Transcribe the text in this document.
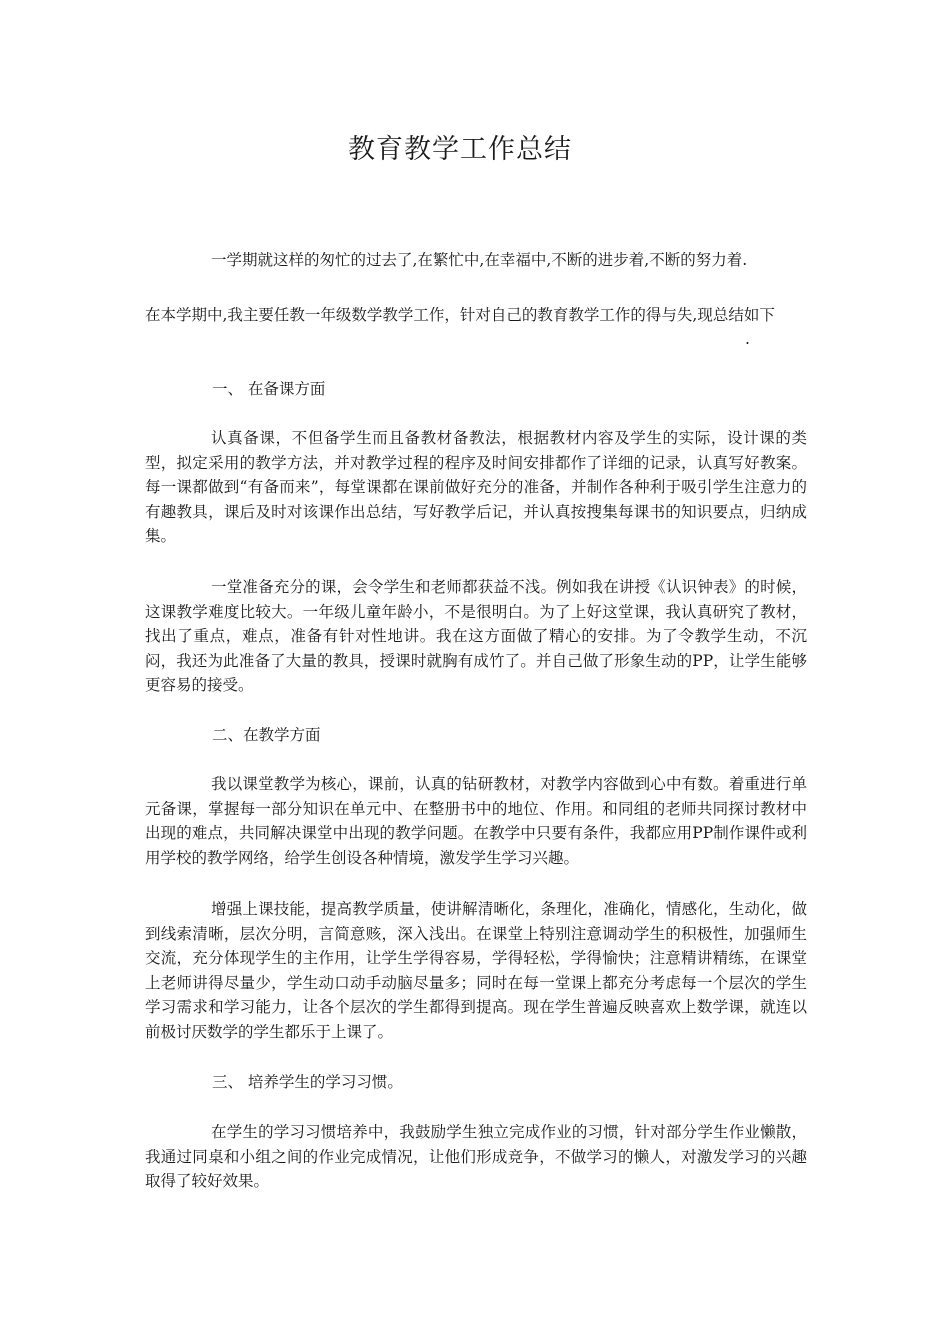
教育教学工作总结
一学期就这样的匆忙的过去了,在繁忙中,在幸福中,不断的进步着,不断的努力着.
在本学期中,我主要任教一年级数学教学工作，针对自己的教育教学工作的得与失,现总结如下
.
一、 在备课方面
认真备课，不但备学生而且备教材备教法，根据教材内容及学生的实际，设计课的类型，拟定采用的教学方法，并对教学过程的程序及时间安排都作了详细的记录，认真写好教案。每一课都做到“有备而来”，每堂课都在课前做好充分的准备，并制作各种利于吸引学生注意力的有趣教具，课后及时对该课作出总结，写好教学后记，并认真按搜集每课书的知识要点，归纳成集。
一堂准备充分的课，会令学生和老师都获益不浅。例如我在讲授《认识钟表》的时候，这课教学难度比较大。一年级儿童年龄小，不是很明白。为了上好这堂课，我认真研究了教材，找出了重点，难点，准备有针对性地讲。我在这方面做了精心的安排。为了令教学生动，不沉闷，我还为此准备了大量的教具，授课时就胸有成竹了。并自己做了形象生动的PP，让学生能够更容易的接受。
二、在教学方面
我以课堂教学为核心，课前，认真的钻研教材，对教学内容做到心中有数。着重进行单元备课，掌握每一部分知识在单元中、在整册书中的地位、作用。和同组的老师共同探讨教材中出现的难点，共同解决课堂中出现的教学问题。在教学中只要有条件，我都应用PP制作课件或利用学校的教学网络，给学生创设各种情境，激发学生学习兴趣。
增强上课技能，提高教学质量，使讲解清晰化，条理化，准确化，情感化，生动化，做到线索清晰，层次分明，言简意赅，深入浅出。在课堂上特别注意调动学生的积极性，加强师生交流，充分体现学生的主作用，让学生学得容易，学得轻松，学得愉快；注意精讲精练，在课堂上老师讲得尽量少，学生动口动手动脑尽量多；同时在每一堂课上都充分考虑每一个层次的学生学习需求和学习能力，让各个层次的学生都得到提高。现在学生普遍反映喜欢上数学课，就连以前极讨厌数学的学生都乐于上课了。
三、 培养学生的学习习惯。
在学生的学习习惯培养中，我鼓励学生独立完成作业的习惯，针对部分学生作业懒散，我通过同桌和小组之间的作业完成情况，让他们形成竞争，不做学习的懒人，对激发学习的兴趣取得了较好效果。
